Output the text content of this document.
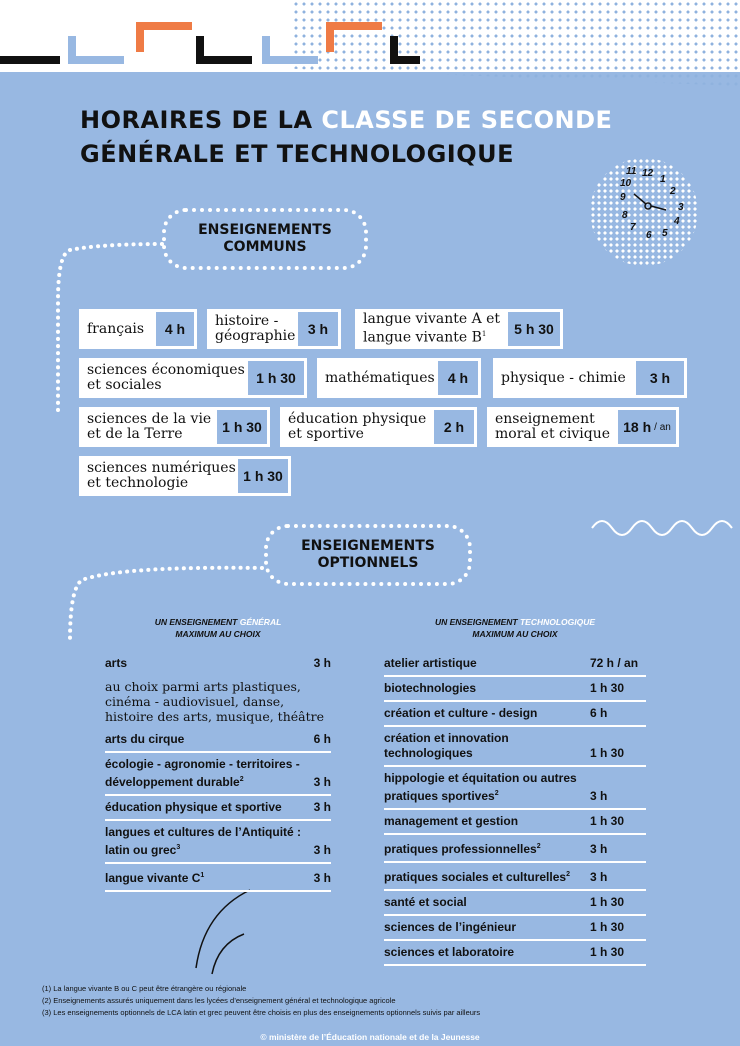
HORAIRES DE LA CLASSE DE SECONDE
GÉNÉRALE ET TECHNOLOGIQUE
11 12
1
2
3
4
5
6
7
8
9
10
ENSEIGNEMENTS
COMMUNS
français	4 h	histoire - géographie 3 h
langue vivante A et langue vivante $B^1$	5 h 30
sciences économiques et sociales	1 h 30	mathématiques 4 h	physique - chimie	3 h
sciences de la vie et de la Terre	1 h 30	éducation physique et sportive	2 h	enseignement moral et civique 18 h / an
sciences numériques et technologie	1 h 30
ENSEIGNEMENTS
OPTIONNELS
UN ENSEIGNEMENT GÉNÉRAL
MAXIMUM AU CHOIX
UN ENSEIGNEMENT TECHNOLOGIQUE
MAXIMUM AU CHOIX
arts	3 h
au choix parmi arts plastiques, cinéma - audiovisuel, danse, histoire des arts, musique, théâtre
arts du cirque	6 h
écologie - agronomie - territoires - développement durable$^2$	3 h
éducation physique et sportive	3 h
langues et cultures de l’Antiquité : latin ou grec$^3$	3 h
langue vivante $C^1$	3 h
atelier artistique	72 h / an
biotechnologies	1 h 30
création et culture - design	6 h
création et innovation technologiques	1 h 30
hippologie et équitation ou autres pratiques sportives$^2$	3 h
management et gestion	1 h 30
pratiques professionnelles$^2$	3 h
pratiques sociales et culturelles$^2$	3 h
santé et social	1 h 30
sciences de l’ingénieur	1 h 30
sciences et laboratoire	1 h 30
(1) La langue vivante B ou C peut être étrangère ou régionale
(2) Enseignements assurés uniquement dans les lycées d’enseignement général et technologique agricole
(3) Les enseignements optionnels de LCA latin et grec peuvent être choisis en plus des enseignements optionnels suivis par ailleurs
© ministère de l’Éducation nationale et de la Jeunesse
